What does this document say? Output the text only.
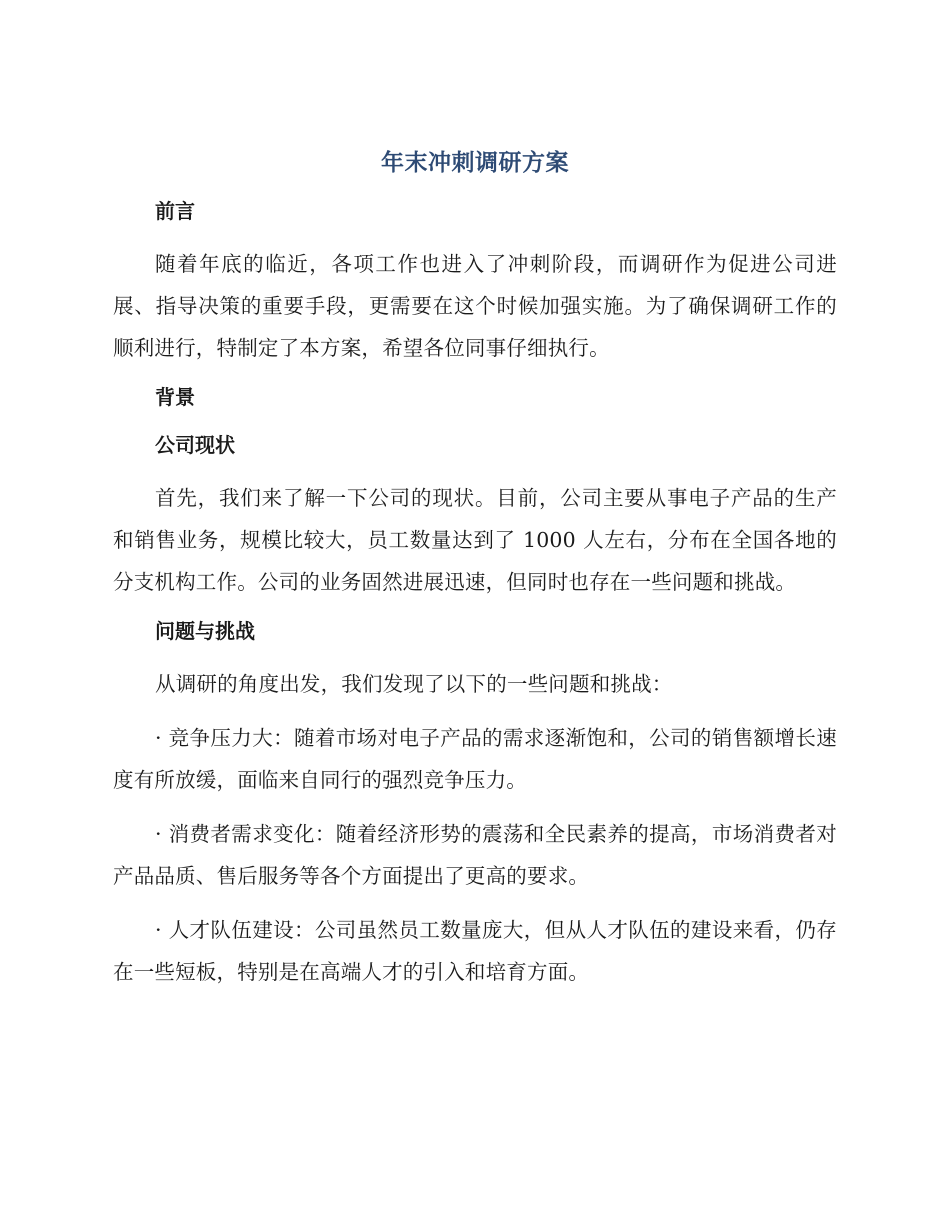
年末冲刺调研方案
前言

随着年底的临近，各项工作也进入了冲刺阶段，而调研作为促进公司进展、指导决策的重要手段，更需要在这个时候加强实施。为了确保调研工作的顺利进行，特制定了本方案，希望各位同事仔细执行。

背景
公司现状

首先，我们来了解一下公司的现状。目前，公司主要从事电子产品的生产和销售业务，规模比较大，员工数量达到了 1000 人左右，分布在全国各地的分支机构工作。公司的业务固然进展迅速，但同时也存在一些问题和挑战。

问题与挑战

从调研的角度出发，我们发现了以下的一些问题和挑战：

· 竞争压力大：随着市场对电子产品的需求逐渐饱和，公司的销售额增长速度有所放缓，面临来自同行的强烈竞争压力。

· 消费者需求变化：随着经济形势的震荡和全民素养的提高，市场消费者对产品品质、售后服务等各个方面提出了更高的要求。

· 人才队伍建设：公司虽然员工数量庞大，但从人才队伍的建设来看，仍存在一些短板，特别是在高端人才的引入和培育方面。
